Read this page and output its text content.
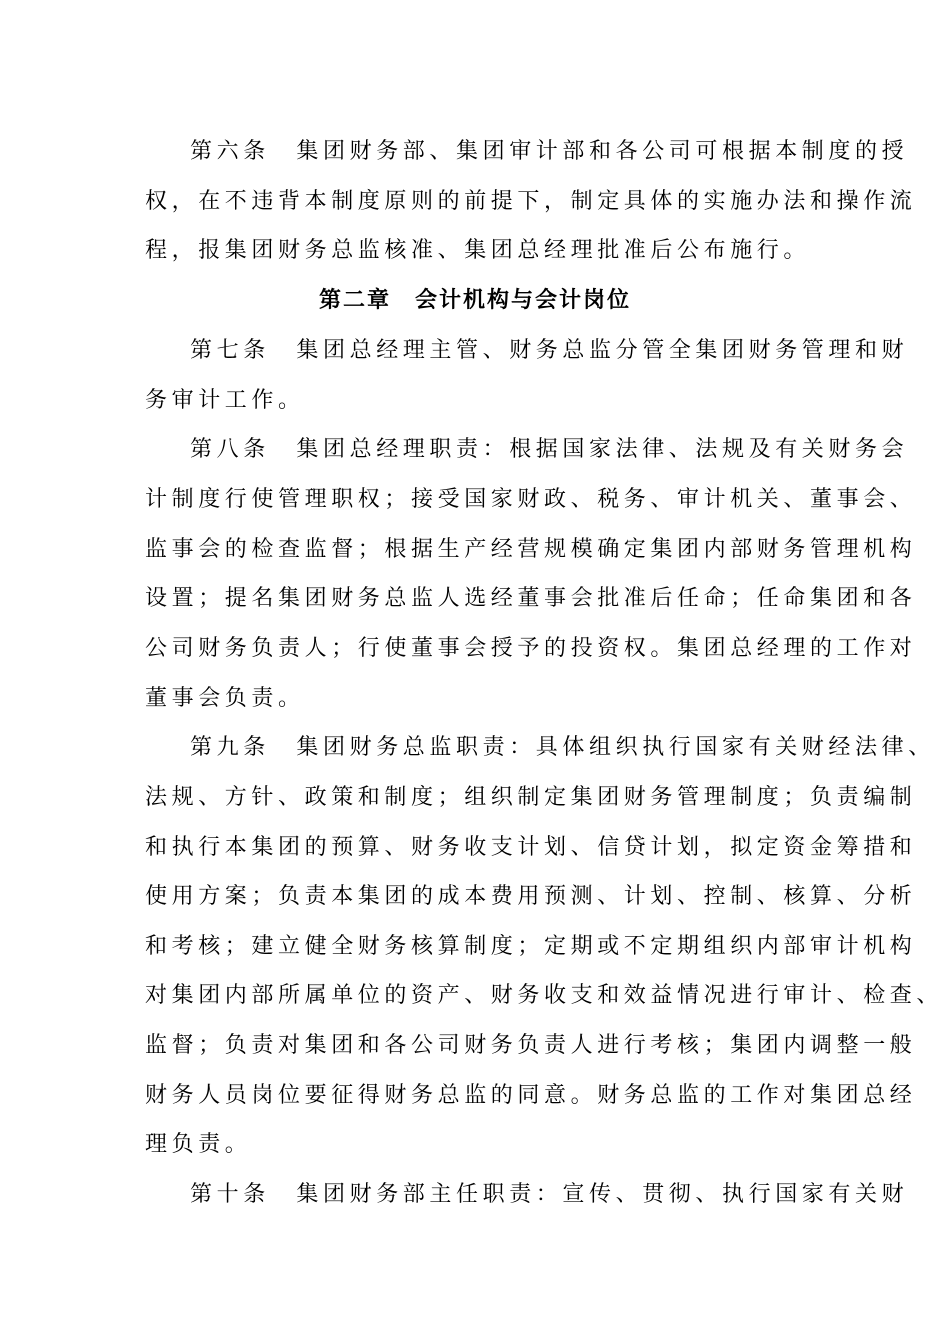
第六条　集团财务部、集团审计部和各公司可根据本制度的授
权，在不违背本制度原则的前提下，制定具体的实施办法和操作流
程，报集团财务总监核准、集团总经理批准后公布施行。
第二章　会计机构与会计岗位
第七条　集团总经理主管、财务总监分管全集团财务管理和财
务审计工作。
第八条　集团总经理职责：根据国家法律、法规及有关财务会
计制度行使管理职权；接受国家财政、税务、审计机关、董事会、
监事会的检查监督；根据生产经营规模确定集团内部财务管理机构
设置；提名集团财务总监人选经董事会批准后任命；任命集团和各
公司财务负责人；行使董事会授予的投资权。集团总经理的工作对
董事会负责。
第九条　集团财务总监职责：具体组织执行国家有关财经法律、
法规、方针、政策和制度；组织制定集团财务管理制度；负责编制
和执行本集团的预算、财务收支计划、信贷计划，拟定资金筹措和
使用方案；负责本集团的成本费用预测、计划、控制、核算、分析
和考核；建立健全财务核算制度；定期或不定期组织内部审计机构
对集团内部所属单位的资产、财务收支和效益情况进行审计、检查、
监督；负责对集团和各公司财务负责人进行考核；集团内调整一般
财务人员岗位要征得财务总监的同意。财务总监的工作对集团总经
理负责。
第十条　集团财务部主任职责：宣传、贯彻、执行国家有关财
